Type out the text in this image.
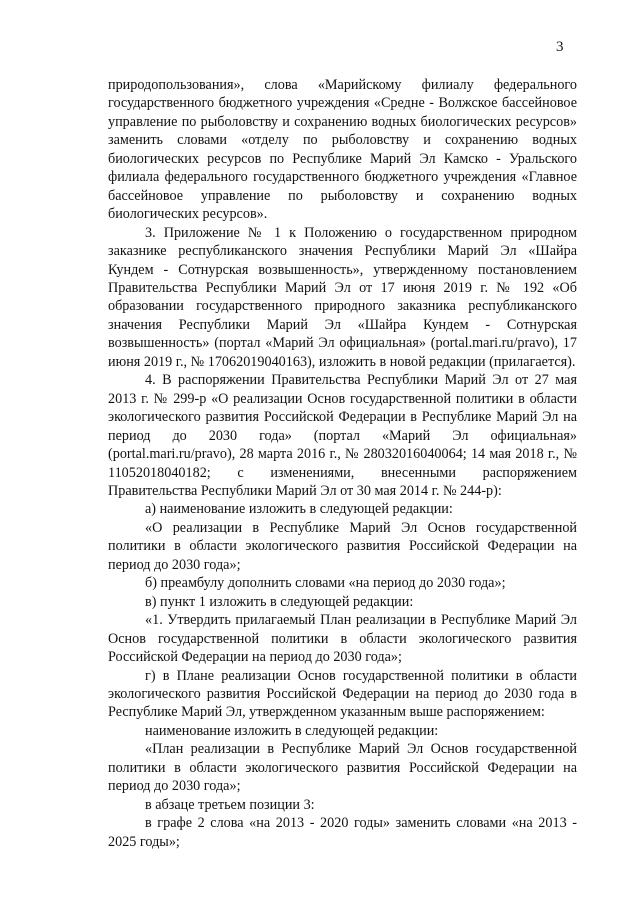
3

природопользования», слова «Марийскому филиалу федерального государственного бюджетного учреждения «Средне - Волжское бассейновое управление по рыболовству и сохранению водных биологических ресурсов» заменить словами «отделу по рыболовству и сохранению водных биологических ресурсов по Республике Марий Эл Камско - Уральского филиала федерального государственного бюджетного учреждения «Главное бассейновое управление по рыболовству и сохранению водных биологических ресурсов».

3. Приложение № 1 к Положению о государственном природном заказнике республиканского значения Республики Марий Эл «Шайра Кундем - Сотнурская возвышенность», утвержденному постановлением Правительства Республики Марий Эл от 17 июня 2019 г. № 192 «Об образовании государственного природного заказника республиканского значения Республики Марий Эл «Шайра Кундем - Сотнурская возвышенность» (портал «Марий Эл официальная» (portal.mari.ru/pravo), 17 июня 2019 г., № 17062019040163), изложить в новой редакции (прилагается).

4. В распоряжении Правительства Республики Марий Эл от 27 мая 2013 г. № 299-р «О реализации Основ государственной политики в области экологического развития Российской Федерации в Республике Марий Эл на период до 2030 года» (портал «Марий Эл официальная» (portal.mari.ru/pravo), 28 марта 2016 г., № 28032016040064; 14 мая 2018 г., № 11052018040182; с изменениями, внесенными распоряжением Правительства Республики Марий Эл от 30 мая 2014 г. № 244-р):

а) наименование изложить в следующей редакции:

«О реализации в Республике Марий Эл Основ государственной политики в области экологического развития Российской Федерации на период до 2030 года»;

б) преамбулу дополнить словами «на период до 2030 года»;

в) пункт 1 изложить в следующей редакции:

«1. Утвердить прилагаемый План реализации в Республике Марий Эл Основ государственной политики в области экологического развития Российской Федерации на период до 2030 года»;

г) в Плане реализации Основ государственной политики в области экологического развития Российской Федерации на период до 2030 года в Республике Марий Эл, утвержденном указанным выше распоряжением:

наименование изложить в следующей редакции:

«План реализации в Республике Марий Эл Основ государственной политики в области экологического развития Российской Федерации на период до 2030 года»;

в абзаце третьем позиции 3:

в графе 2 слова «на 2013 - 2020 годы» заменить словами «на 2013 - 2025 годы»;
